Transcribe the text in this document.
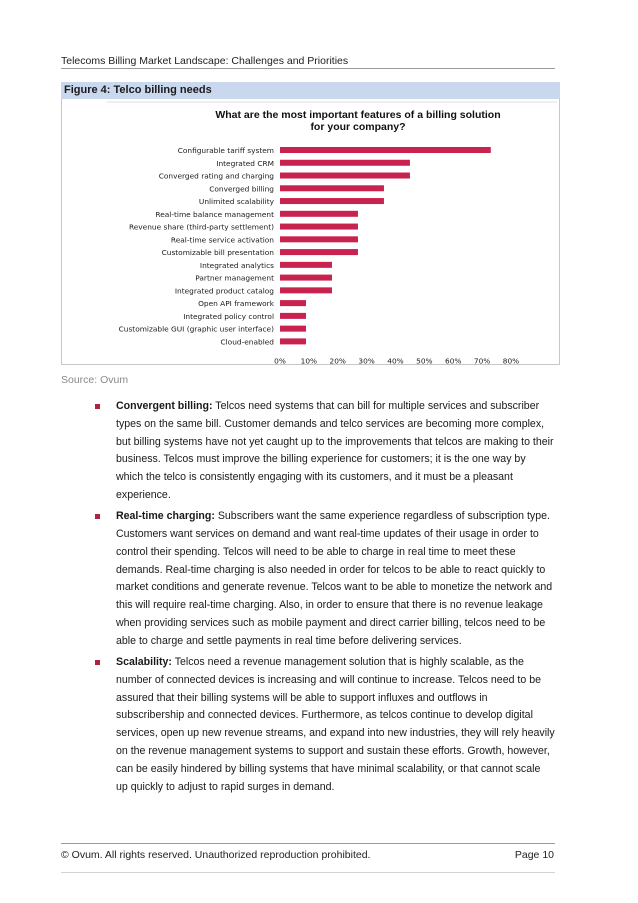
Telecoms Billing Market Landscape: Challenges and Priorities
Figure 4: Telco billing needs
What are the most important features of a billing solution
for your company?
Configurable tariff system
Integrated CRM
Converged rating and charging
Converged billing
Unlimited scalability
Real-time balance management
Revenue share (third-party settlement)
Real-time service activation
Customizable bill presentation
Integrated analytics
Partner management
Integrated product catalog
Open API framework
Integrated policy control
Customizable GUI (graphic user interface)
Cloud-enabled
0% 10% 20% 30% 40% 50% 60% 70% 80%
Source: Ovum
Convergent billing: Telcos need systems that can bill for multiple services and subscriber types on the same bill. Customer demands and telco services are becoming more complex, but billing systems have not yet caught up to the improvements that telcos are making to their business. Telcos must improve the billing experience for customers; it is the one way by which the telco is consistently engaging with its customers, and it must be a pleasant experience.
Real-time charging: Subscribers want the same experience regardless of subscription type. Customers want services on demand and want real-time updates of their usage in order to control their spending. Telcos will need to be able to charge in real time to meet these demands. Real-time charging is also needed in order for telcos to be able to react quickly to market conditions and generate revenue. Telcos want to be able to monetize the network and this will require real-time charging. Also, in order to ensure that there is no revenue leakage when providing services such as mobile payment and direct carrier billing, telcos need to be able to charge and settle payments in real time before delivering services.
Scalability: Telcos need a revenue management solution that is highly scalable, as the number of connected devices is increasing and will continue to increase. Telcos need to be assured that their billing systems will be able to support influxes and outflows in subscribership and connected devices. Furthermore, as telcos continue to develop digital services, open up new revenue streams, and expand into new industries, they will rely heavily on the revenue management systems to support and sustain these efforts. Growth, however, can be easily hindered by billing systems that have minimal scalability, or that cannot scale up quickly to adjust to rapid surges in demand.
© Ovum. All rights reserved. Unauthorized reproduction prohibited.	Page 10
